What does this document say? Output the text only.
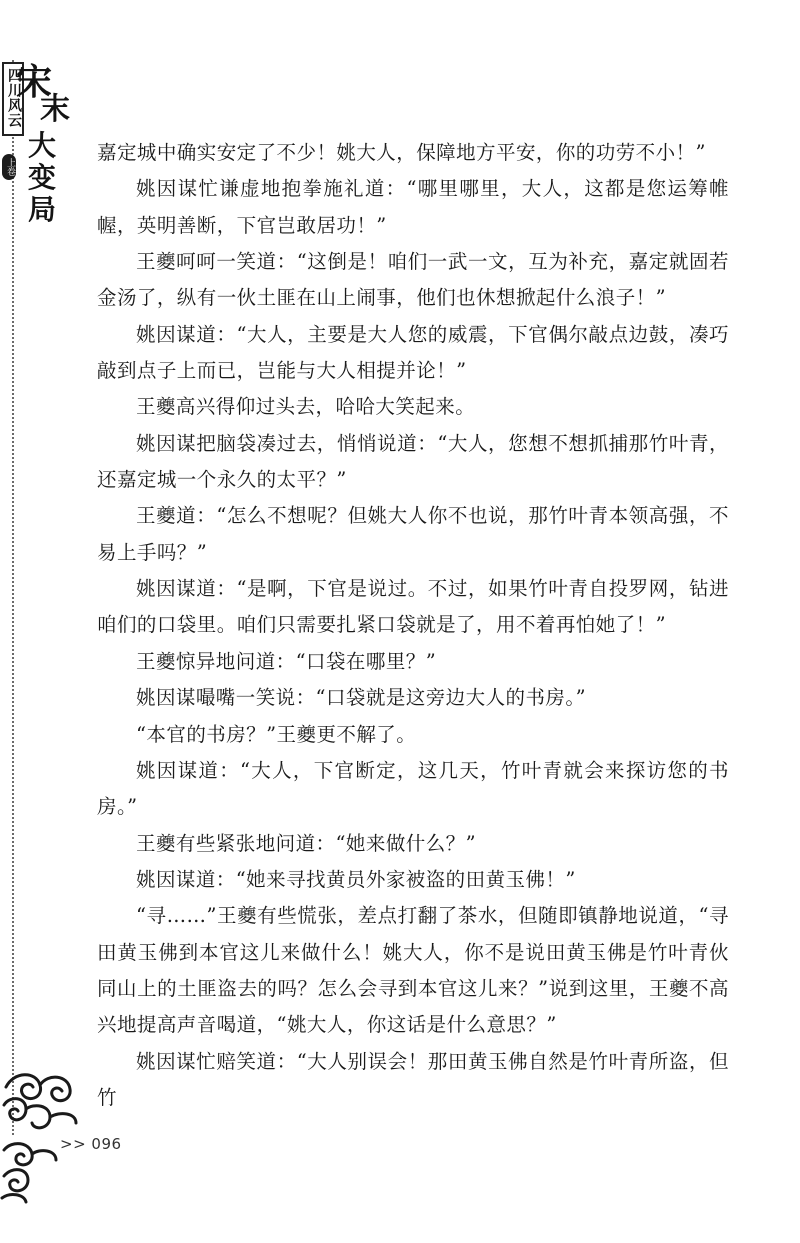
四川风云
宋
末
大
变
局
上卷

嘉定城中确实安定了不少！姚大人，保障地方平安，你的功劳不小！”

姚因谋忙谦虚地抱拳施礼道：“哪里哪里，大人，这都是您运筹帷幄，英明善断，下官岂敢居功！”

王夔呵呵一笑道：“这倒是！咱们一武一文，互为补充，嘉定就固若金汤了，纵有一伙土匪在山上闹事，他们也休想掀起什么浪子！”

姚因谋道：“大人，主要是大人您的威震，下官偶尔敲点边鼓，凑巧敲到点子上而已，岂能与大人相提并论！”

王夔高兴得仰过头去，哈哈大笑起来。

姚因谋把脑袋凑过去，悄悄说道：“大人，您想不想抓捕那竹叶青，还嘉定城一个永久的太平？”

王夔道：“怎么不想呢？但姚大人你不也说，那竹叶青本领高强，不易上手吗？”

姚因谋道：“是啊，下官是说过。不过，如果竹叶青自投罗网，钻进咱们的口袋里。咱们只需要扎紧口袋就是了，用不着再怕她了！”

王夔惊异地问道：“口袋在哪里？”

姚因谋嘬嘴一笑说：“口袋就是这旁边大人的书房。”

“本官的书房？”王夔更不解了。

姚因谋道：“大人，下官断定，这几天，竹叶青就会来探访您的书房。”

王夔有些紧张地问道：“她来做什么？”

姚因谋道：“她来寻找黄员外家被盗的田黄玉佛！”

“寻……”王夔有些慌张，差点打翻了茶水，但随即镇静地说道，“寻田黄玉佛到本官这儿来做什么！姚大人，你不是说田黄玉佛是竹叶青伙同山上的土匪盗去的吗？怎么会寻到本官这儿来？”说到这里，王夔不高兴地提高声音喝道，“姚大人，你这话是什么意思？”

姚因谋忙赔笑道：“大人别误会！那田黄玉佛自然是竹叶青所盗，但竹

>> 096
